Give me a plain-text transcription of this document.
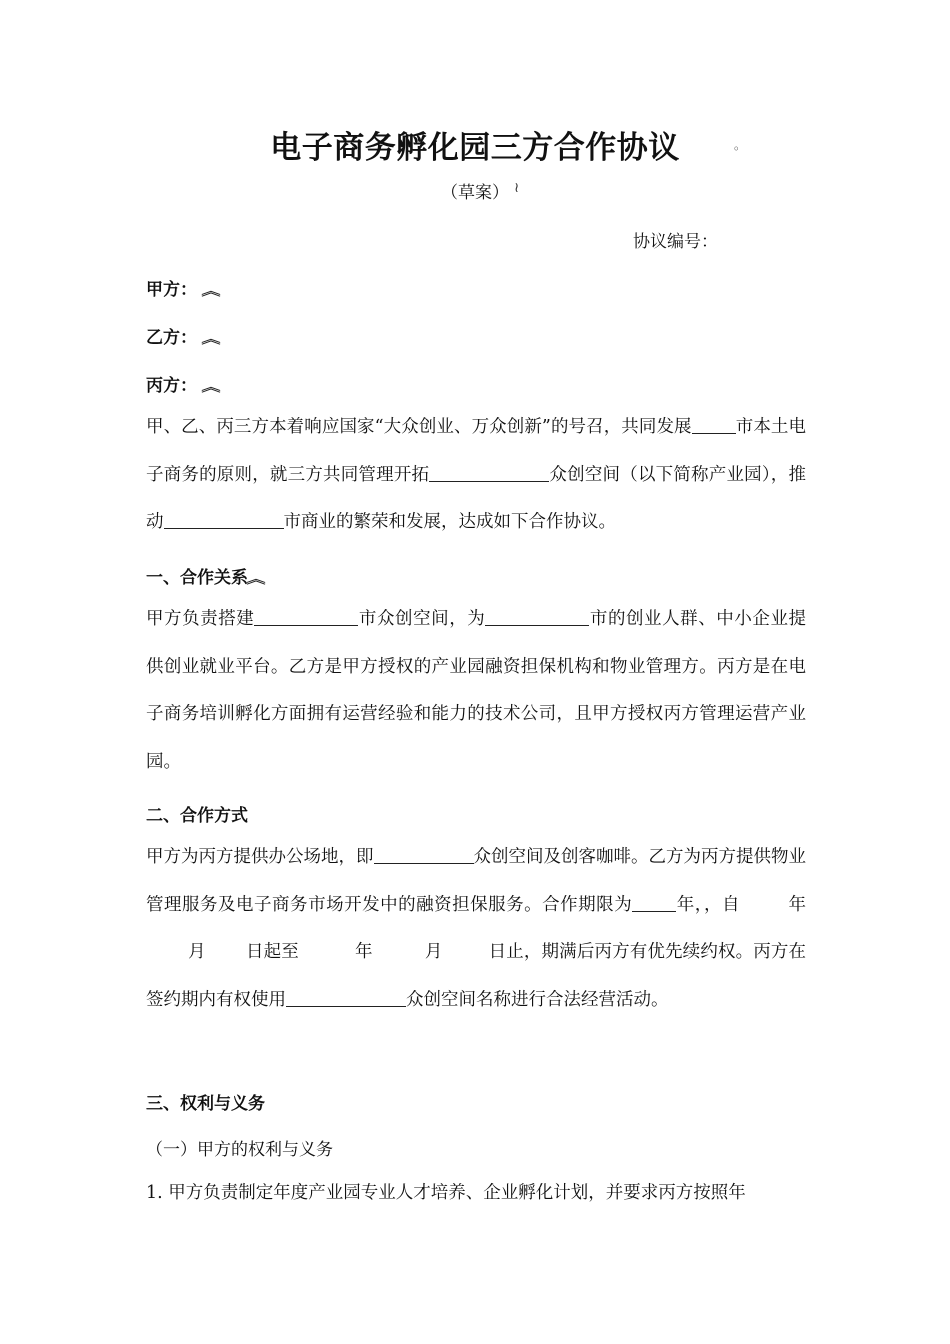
电子商务孵化园三方合作协议	。
（草案） ≀
协议编号：
甲方： ︽
乙方： ︽
丙方： ︽
甲、乙、丙三方本着响应国家“大众创业、万众创新”的号召，共同发展	市本土电子商务的原则，就三方共同管理开拓	众创空间（以下简称产业园），推动	市商业的繁荣和发展，达成如下合作协议。
一、合作关系︽
甲方负责搭建	市众创空间，为	市的创业人群、中小企业提供创业就业平台。乙方是甲方授权的产业园融资担保机构和物业管理方。丙方是在电子商务培训孵化方面拥有运营经验和能力的技术公司，且甲方授权丙方管理运营产业园。
二、合作方式
甲方为丙方提供办公场地，即	众创空间及创客咖啡。乙方为丙方提供物业管理服务及电子商务市场开发中的融资担保服务。合作期限为	年，，自	年月 日起至	年	月	日止，期满后丙方有优先续约权。丙方在签约期内有权使用	众创空间名称进行合法经营活动。
三、权利与义务
（一）甲方的权利与义务
1. 甲方负责制定年度产业园专业人才培养、企业孵化计划，并要求丙方按照年
